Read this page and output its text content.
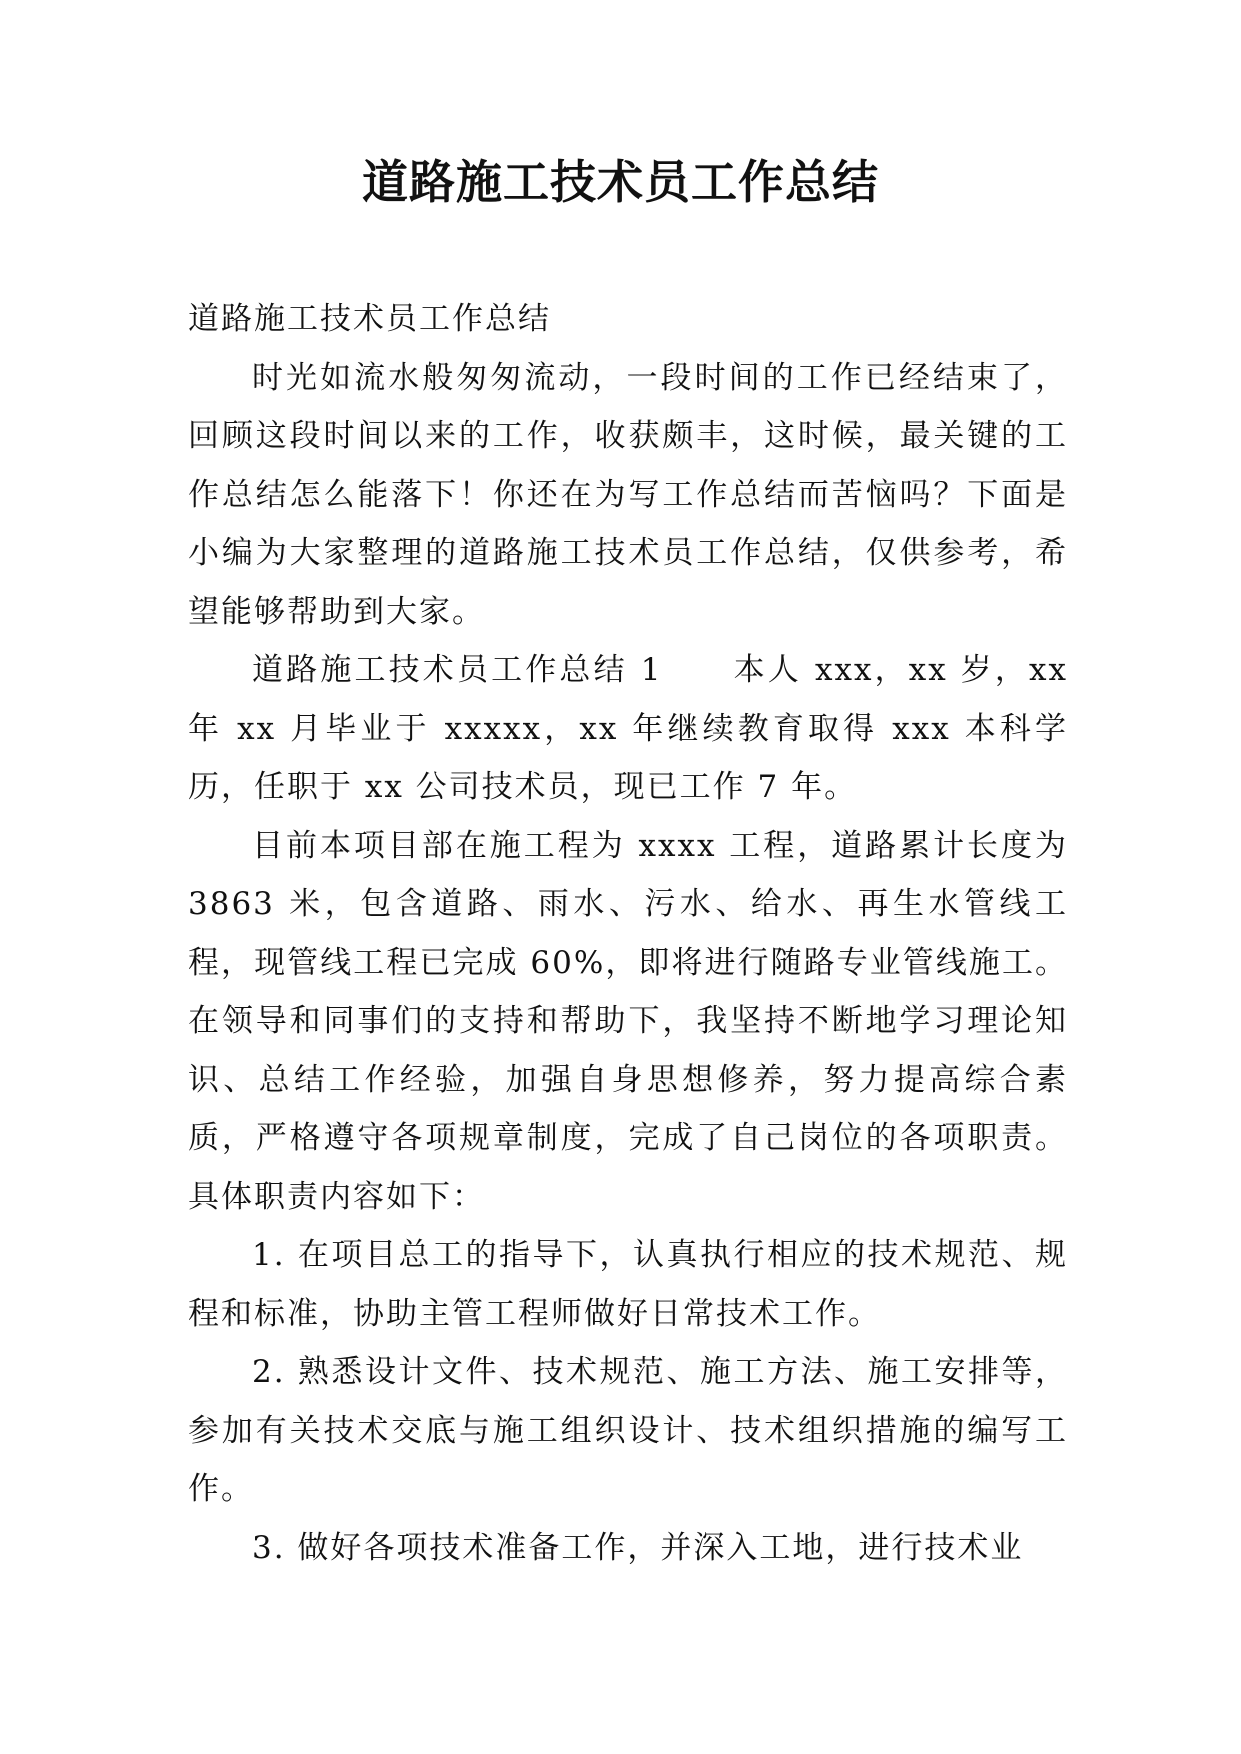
道路施工技术员工作总结

道路施工技术员工作总结

时光如流水般匆匆流动，一段时间的工作已经结束了，回顾这段时间以来的工作，收获颇丰，这时候，最关键的工作总结怎么能落下！你还在为写工作总结而苦恼吗？下面是小编为大家整理的道路施工技术员工作总结，仅供参考，希望能够帮助到大家。

道路施工技术员工作总结 1 本人 xxx，xx 岁，xx 年 xx 月毕业于 xxxxx，xx 年继续教育取得 xxx 本科学历，任职于 xx 公司技术员，现已工作 7 年。

目前本项目部在施工程为 xxxx 工程，道路累计长度为3863 米，包含道路、雨水、污水、给水、再生水管线工程，现管线工程已完成 60%，即将进行随路专业管线施工。 在领导和同事们的支持和帮助下，我坚持不断地学习理论知识、总结工作经验，加强自身思想修养，努力提高综合素质，严格遵守各项规章制度，完成了自己岗位的各项职责。 具体职责内容如下：

1. 在项目总工的指导下，认真执行相应的技术规范、规程和标准，协助主管工程师做好日常技术工作。

2. 熟悉设计文件、技术规范、施工方法、施工安排等，参加有关技术交底与施工组织设计、技术组织措施的编写工作。

3. 做好各项技术准备工作，并深入工地，进行技术业
